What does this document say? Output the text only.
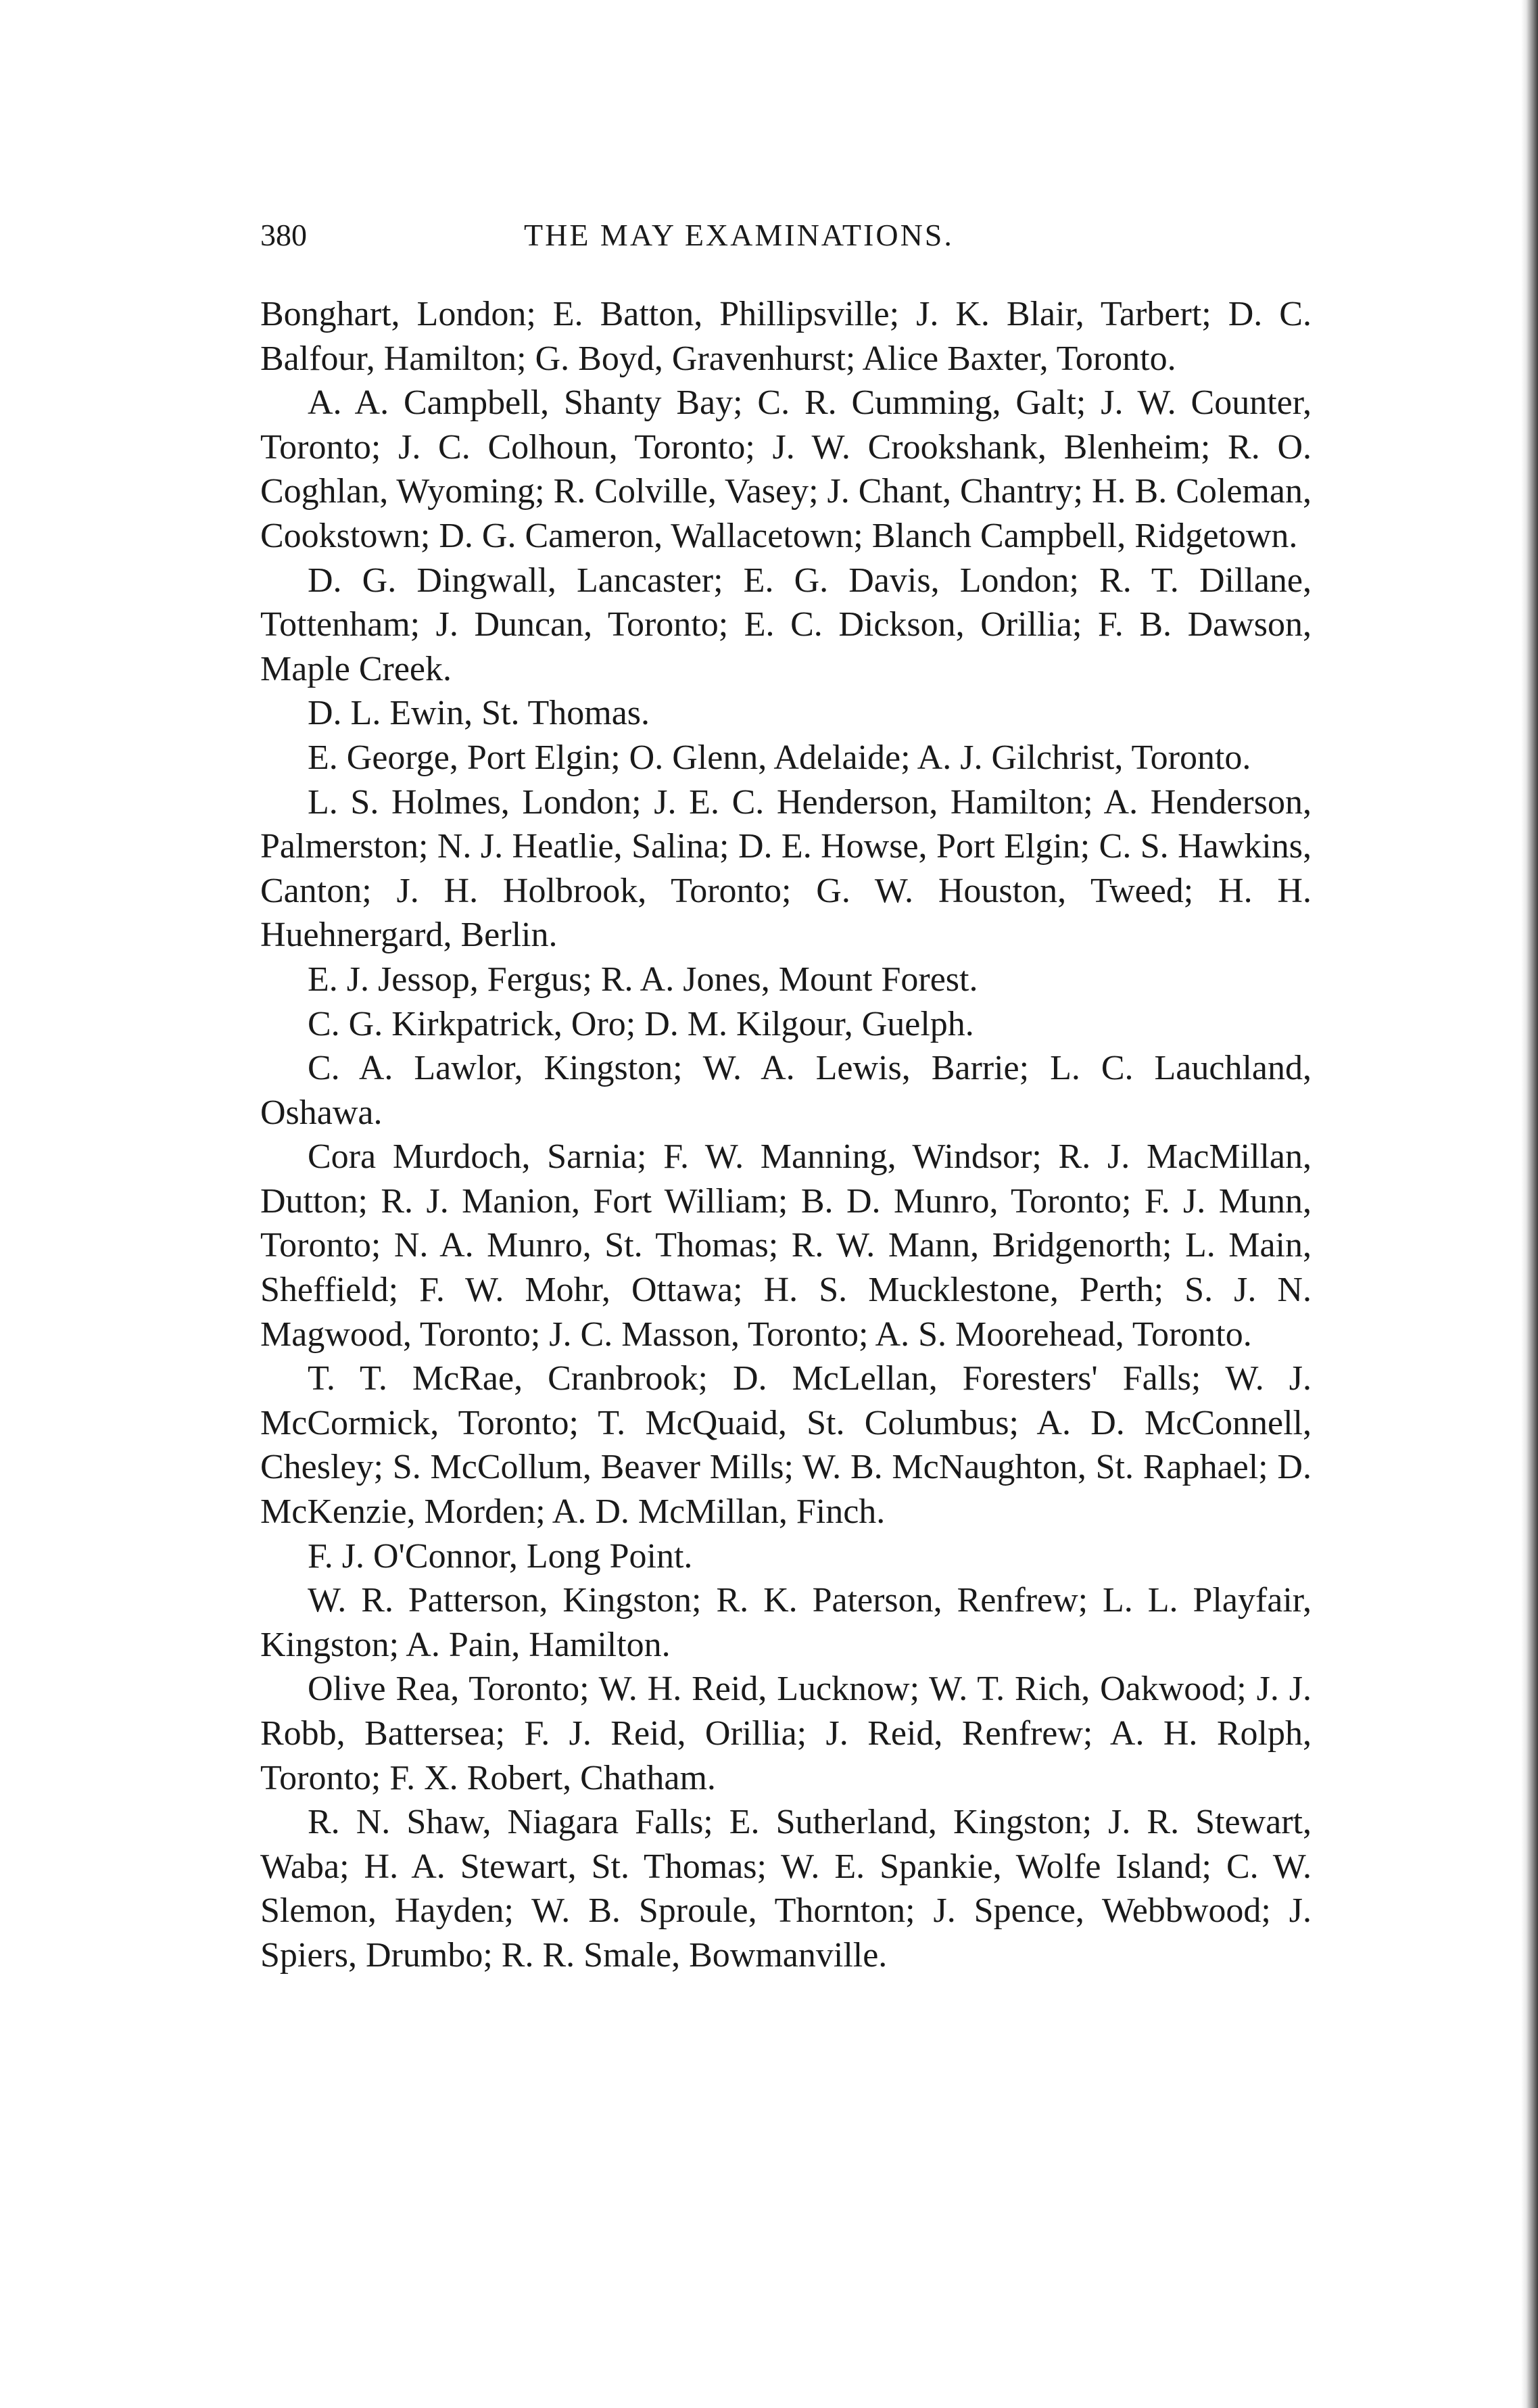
380	THE MAY EXAMINATIONS.

Bonghart, London; E. Batton, Phillipsville; J. K. Blair, Tarbert; D. C. Balfour, Hamilton; G. Boyd, Gravenhurst; Alice Baxter, Toronto.

A. A. Campbell, Shanty Bay; C. R. Cumming, Galt; J. W. Counter, Toronto; J. C. Colhoun, Toronto; J. W. Crookshank, Blenheim; R. O. Coghlan, Wyoming; R. Colville, Vasey; J. Chant, Chantry; H. B. Coleman, Cookstown; D. G. Cameron, Wallacetown; Blanch Campbell, Ridgetown.

D. G. Dingwall, Lancaster; E. G. Davis, London; R. T. Dillane, Tottenham; J. Duncan, Toronto; E. C. Dickson, Orillia; F. B. Dawson, Maple Creek.

D. L. Ewin, St. Thomas.

E. George, Port Elgin; O. Glenn, Adelaide; A. J. Gilchrist, Toronto.

L. S. Holmes, London; J. E. C. Henderson, Hamilton; A. Henderson, Palmerston; N. J. Heatlie, Salina; D. E. Howse, Port Elgin; C. S. Hawkins, Canton; J. H. Holbrook, Toronto; G. W. Houston, Tweed; H. H. Huehnergard, Berlin.

E. J. Jessop, Fergus; R. A. Jones, Mount Forest.

C. G. Kirkpatrick, Oro; D. M. Kilgour, Guelph.

C. A. Lawlor, Kingston; W. A. Lewis, Barrie; L. C. Lauchland, Oshawa.

Cora Murdoch, Sarnia; F. W. Manning, Windsor; R. J. MacMillan, Dutton; R. J. Manion, Fort William; B. D. Munro, Toronto; F. J. Munn, Toronto; N. A. Munro, St. Thomas; R. W. Mann, Bridgenorth; L. Main, Sheffield; F. W. Mohr, Ottawa; H. S. Mucklestone, Perth; S. J. N. Magwood, Toronto; J. C. Masson, Toronto; A. S. Moorehead, Toronto.

T. T. McRae, Cranbrook; D. McLellan, Foresters' Falls; W. J. McCormick, Toronto; T. McQuaid, St. Columbus; A. D. McConnell, Chesley; S. McCollum, Beaver Mills; W. B. McNaughton, St. Raphael; D. McKenzie, Morden; A. D. McMillan, Finch.

F. J. O'Connor, Long Point.

W. R. Patterson, Kingston; R. K. Paterson, Renfrew; L. L. Playfair, Kingston; A. Pain, Hamilton.

Olive Rea, Toronto; W. H. Reid, Lucknow; W. T. Rich, Oakwood; J. J. Robb, Battersea; F. J. Reid, Orillia; J. Reid, Renfrew; A. H. Rolph, Toronto; F. X. Robert, Chatham.

R. N. Shaw, Niagara Falls; E. Sutherland, Kingston; J. R. Stewart, Waba; H. A. Stewart, St. Thomas; W. E. Spankie, Wolfe Island; C. W. Slemon, Hayden; W. B. Sproule, Thornton; J. Spence, Webbwood; J. Spiers, Drumbo; R. R. Smale, Bowmanville.
